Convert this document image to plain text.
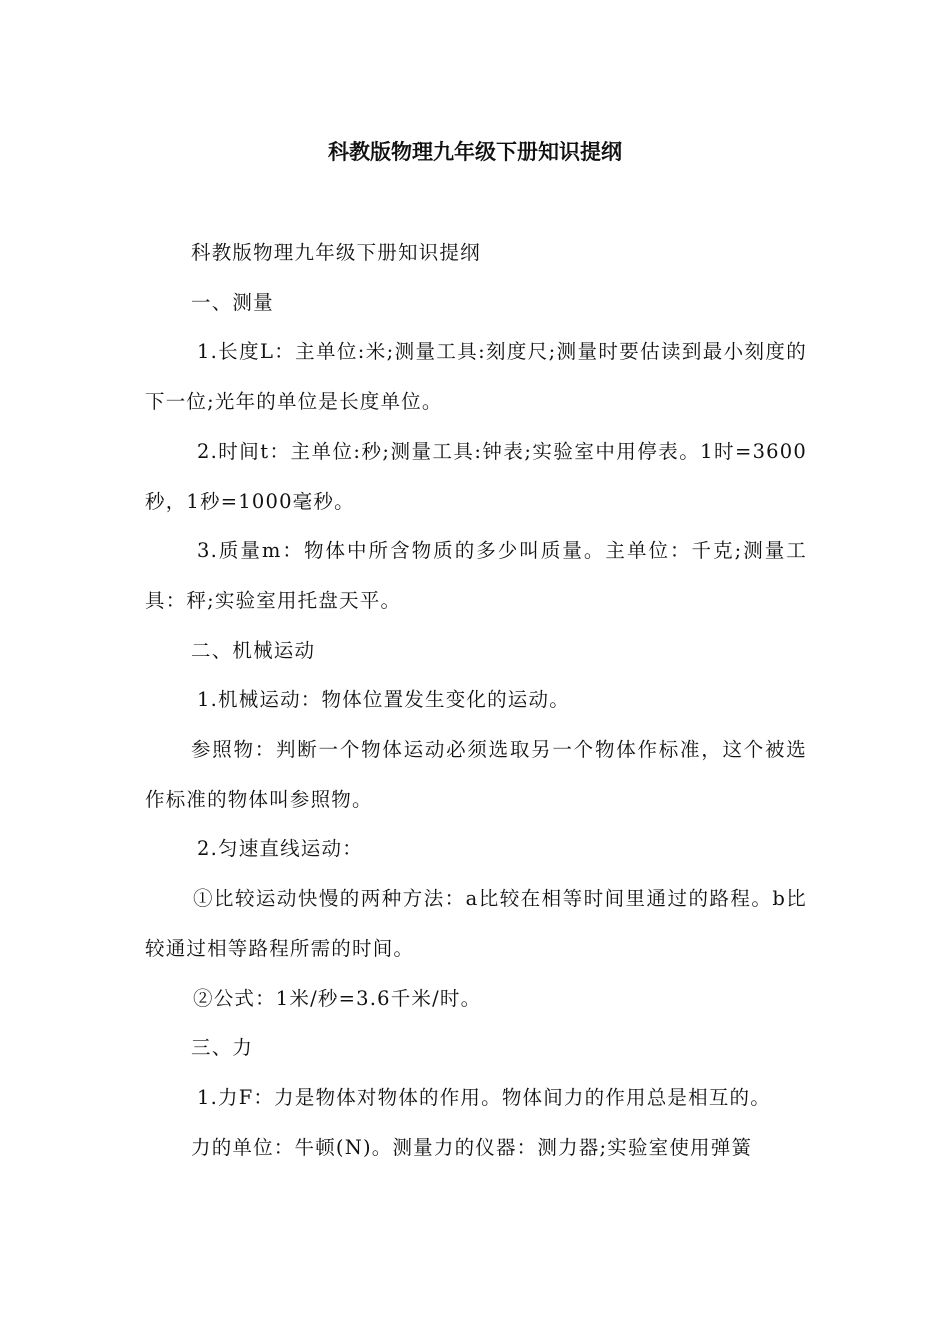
科教版物理九年级下册知识提纲

科教版物理九年级下册知识提纲

一、测量

1.长度L：主单位:米;测量工具:刻度尺;测量时要估读到最小刻度的下一位;光年的单位是长度单位。

2.时间t：主单位:秒;测量工具:钟表;实验室中用停表。1时=3600秒，1秒=1000毫秒。

3.质量m：物体中所含物质的多少叫质量。主单位：千克;测量工具：秤;实验室用托盘天平。

二、机械运动

1.机械运动：物体位置发生变化的运动。

参照物：判断一个物体运动必须选取另一个物体作标准，这个被选作标准的物体叫参照物。

2.匀速直线运动：

①比较运动快慢的两种方法：a比较在相等时间里通过的路程。b比较通过相等路程所需的时间。

②公式：1米/秒=3.6千米/时。

三、力

1.力F：力是物体对物体的作用。物体间力的作用总是相互的。

力的单位：牛顿(N)。测量力的仪器：测力器;实验室使用弹簧
